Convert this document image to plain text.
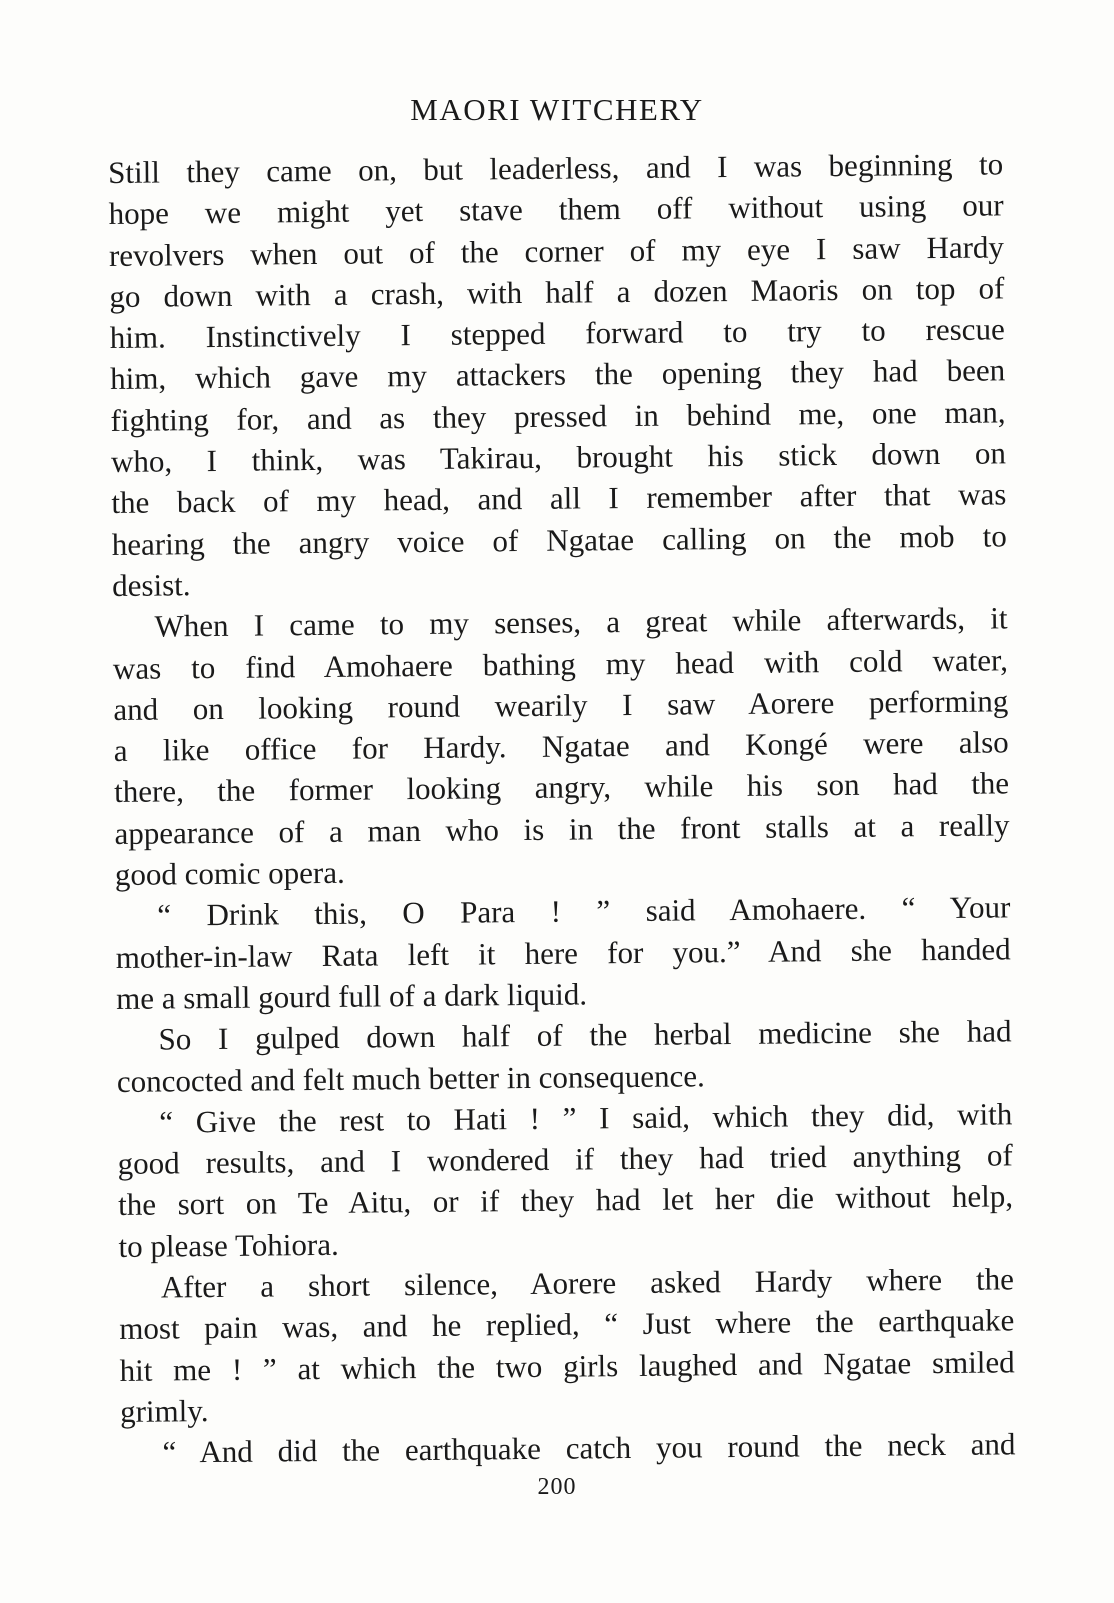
MAORI WITCHERY
Still they came on, but leaderless, and I was beginning to
hope we might yet stave them off without using our
revolvers when out of the corner of my eye I saw Hardy
go down with a crash, with half a dozen Maoris on top of
him. Instinctively I stepped forward to try to rescue
him, which gave my attackers the opening they had been
fighting for, and as they pressed in behind me, one man,
who, I think, was Takirau, brought his stick down on
the back of my head, and all I remember after that was
hearing the angry voice of Ngatae calling on the mob to
desist.
When I came to my senses, a great while afterwards, it
was to find Amohaere bathing my head with cold water,
and on looking round wearily I saw Aorere performing
a like office for Hardy. Ngatae and Kongé were also
there, the former looking angry, while his son had the
appearance of a man who is in the front stalls at a really
good comic opera.
“ Drink this, O Para ! ” said Amohaere. “ Your
mother-in-law Rata left it here for you.” And she handed
me a small gourd full of a dark liquid.
So I gulped down half of the herbal medicine she had
concocted and felt much better in consequence.
“ Give the rest to Hati ! ” I said, which they did, with
good results, and I wondered if they had tried anything of
the sort on Te Aitu, or if they had let her die without help,
to please Tohiora.
After a short silence, Aorere asked Hardy where the
most pain was, and he replied, “ Just where the earthquake
hit me ! ” at which the two girls laughed and Ngatae smiled
grimly.
“ And did the earthquake catch you round the neck and
200
